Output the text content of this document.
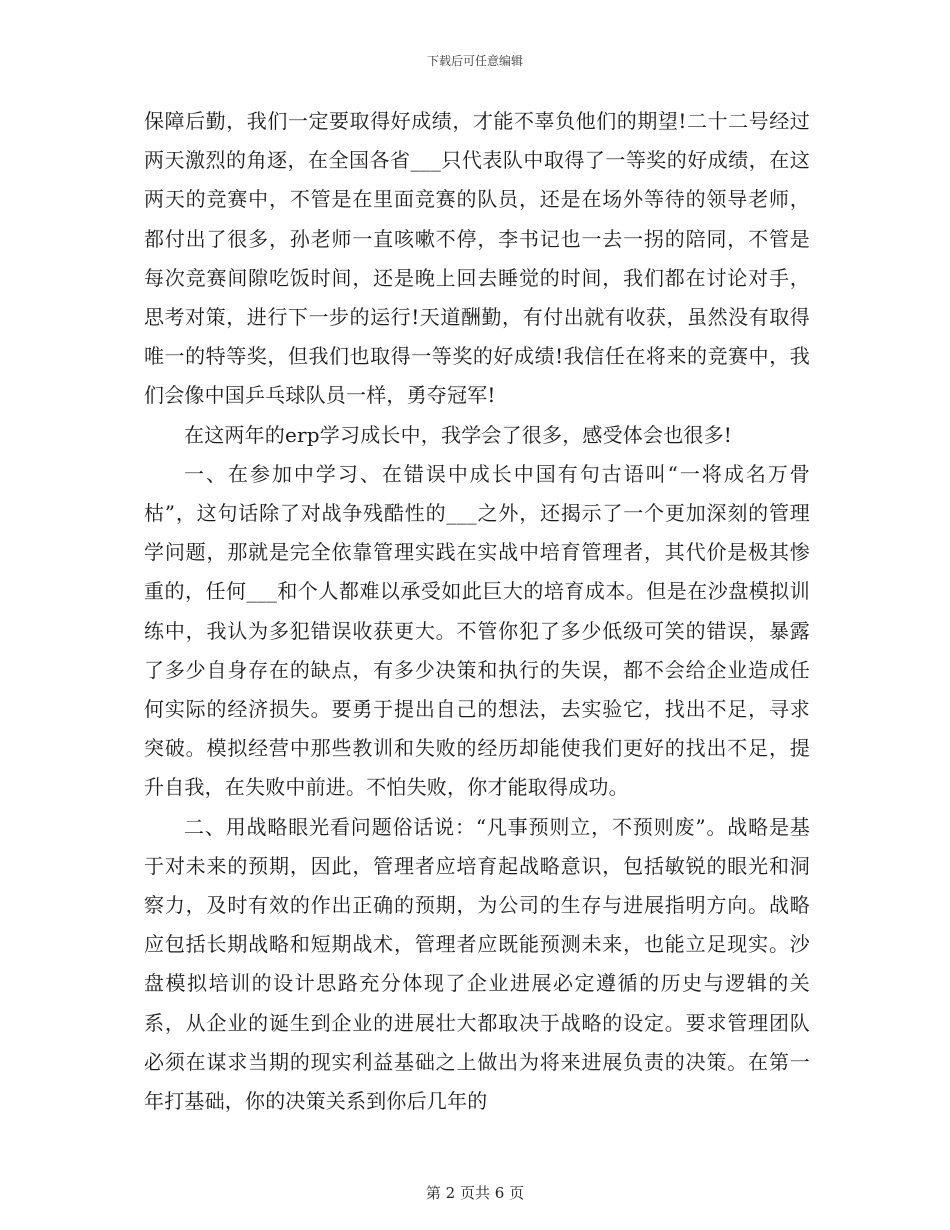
下载后可任意编辑

保障后勤，我们一定要取得好成绩，才能不辜负他们的期望!二十二号经过两天激烈的角逐，在全国各省___只代表队中取得了一等奖的好成绩，在这两天的竞赛中，不管是在里面竞赛的队员，还是在场外等待的领导老师，都付出了很多，孙老师一直咳嗽不停，李书记也一去一拐的陪同，不管是每次竞赛间隙吃饭时间，还是晚上回去睡觉的时间，我们都在讨论对手，思考对策，进行下一步的运行!天道酬勤，有付出就有收获，虽然没有取得唯一的特等奖，但我们也取得一等奖的好成绩!我信任在将来的竞赛中，我们会像中国乒乓球队员一样，勇夺冠军!

在这两年的erp学习成长中，我学会了很多，感受体会也很多!

一、在参加中学习、在错误中成长中国有句古语叫“一将成名万骨枯”，这句话除了对战争残酷性的___之外，还揭示了一个更加深刻的管理学问题，那就是完全依靠管理实践在实战中培育管理者，其代价是极其惨重的，任何___和个人都难以承受如此巨大的培育成本。但是在沙盘模拟训练中，我认为多犯错误收获更大。不管你犯了多少低级可笑的错误，暴露了多少自身存在的缺点，有多少决策和执行的失误，都不会给企业造成任何实际的经济损失。要勇于提出自己的想法，去实验它，找出不足，寻求突破。模拟经营中那些教训和失败的经历却能使我们更好的找出不足，提升自我，在失败中前进。不怕失败，你才能取得成功。

二、用战略眼光看问题俗话说：“凡事预则立，不预则废”。战略是基于对未来的预期，因此，管理者应培育起战略意识，包括敏锐的眼光和洞察力，及时有效的作出正确的预期，为公司的生存与进展指明方向。战略应包括长期战略和短期战术，管理者应既能预测未来，也能立足现实。沙盘模拟培训的设计思路充分体现了企业进展必定遵循的历史与逻辑的关系，从企业的诞生到企业的进展壮大都取决于战略的设定。要求管理团队必须在谋求当期的现实利益基础之上做出为将来进展负责的决策。在第一年打基础，你的决策关系到你后几年的

第 2 页共 6 页
